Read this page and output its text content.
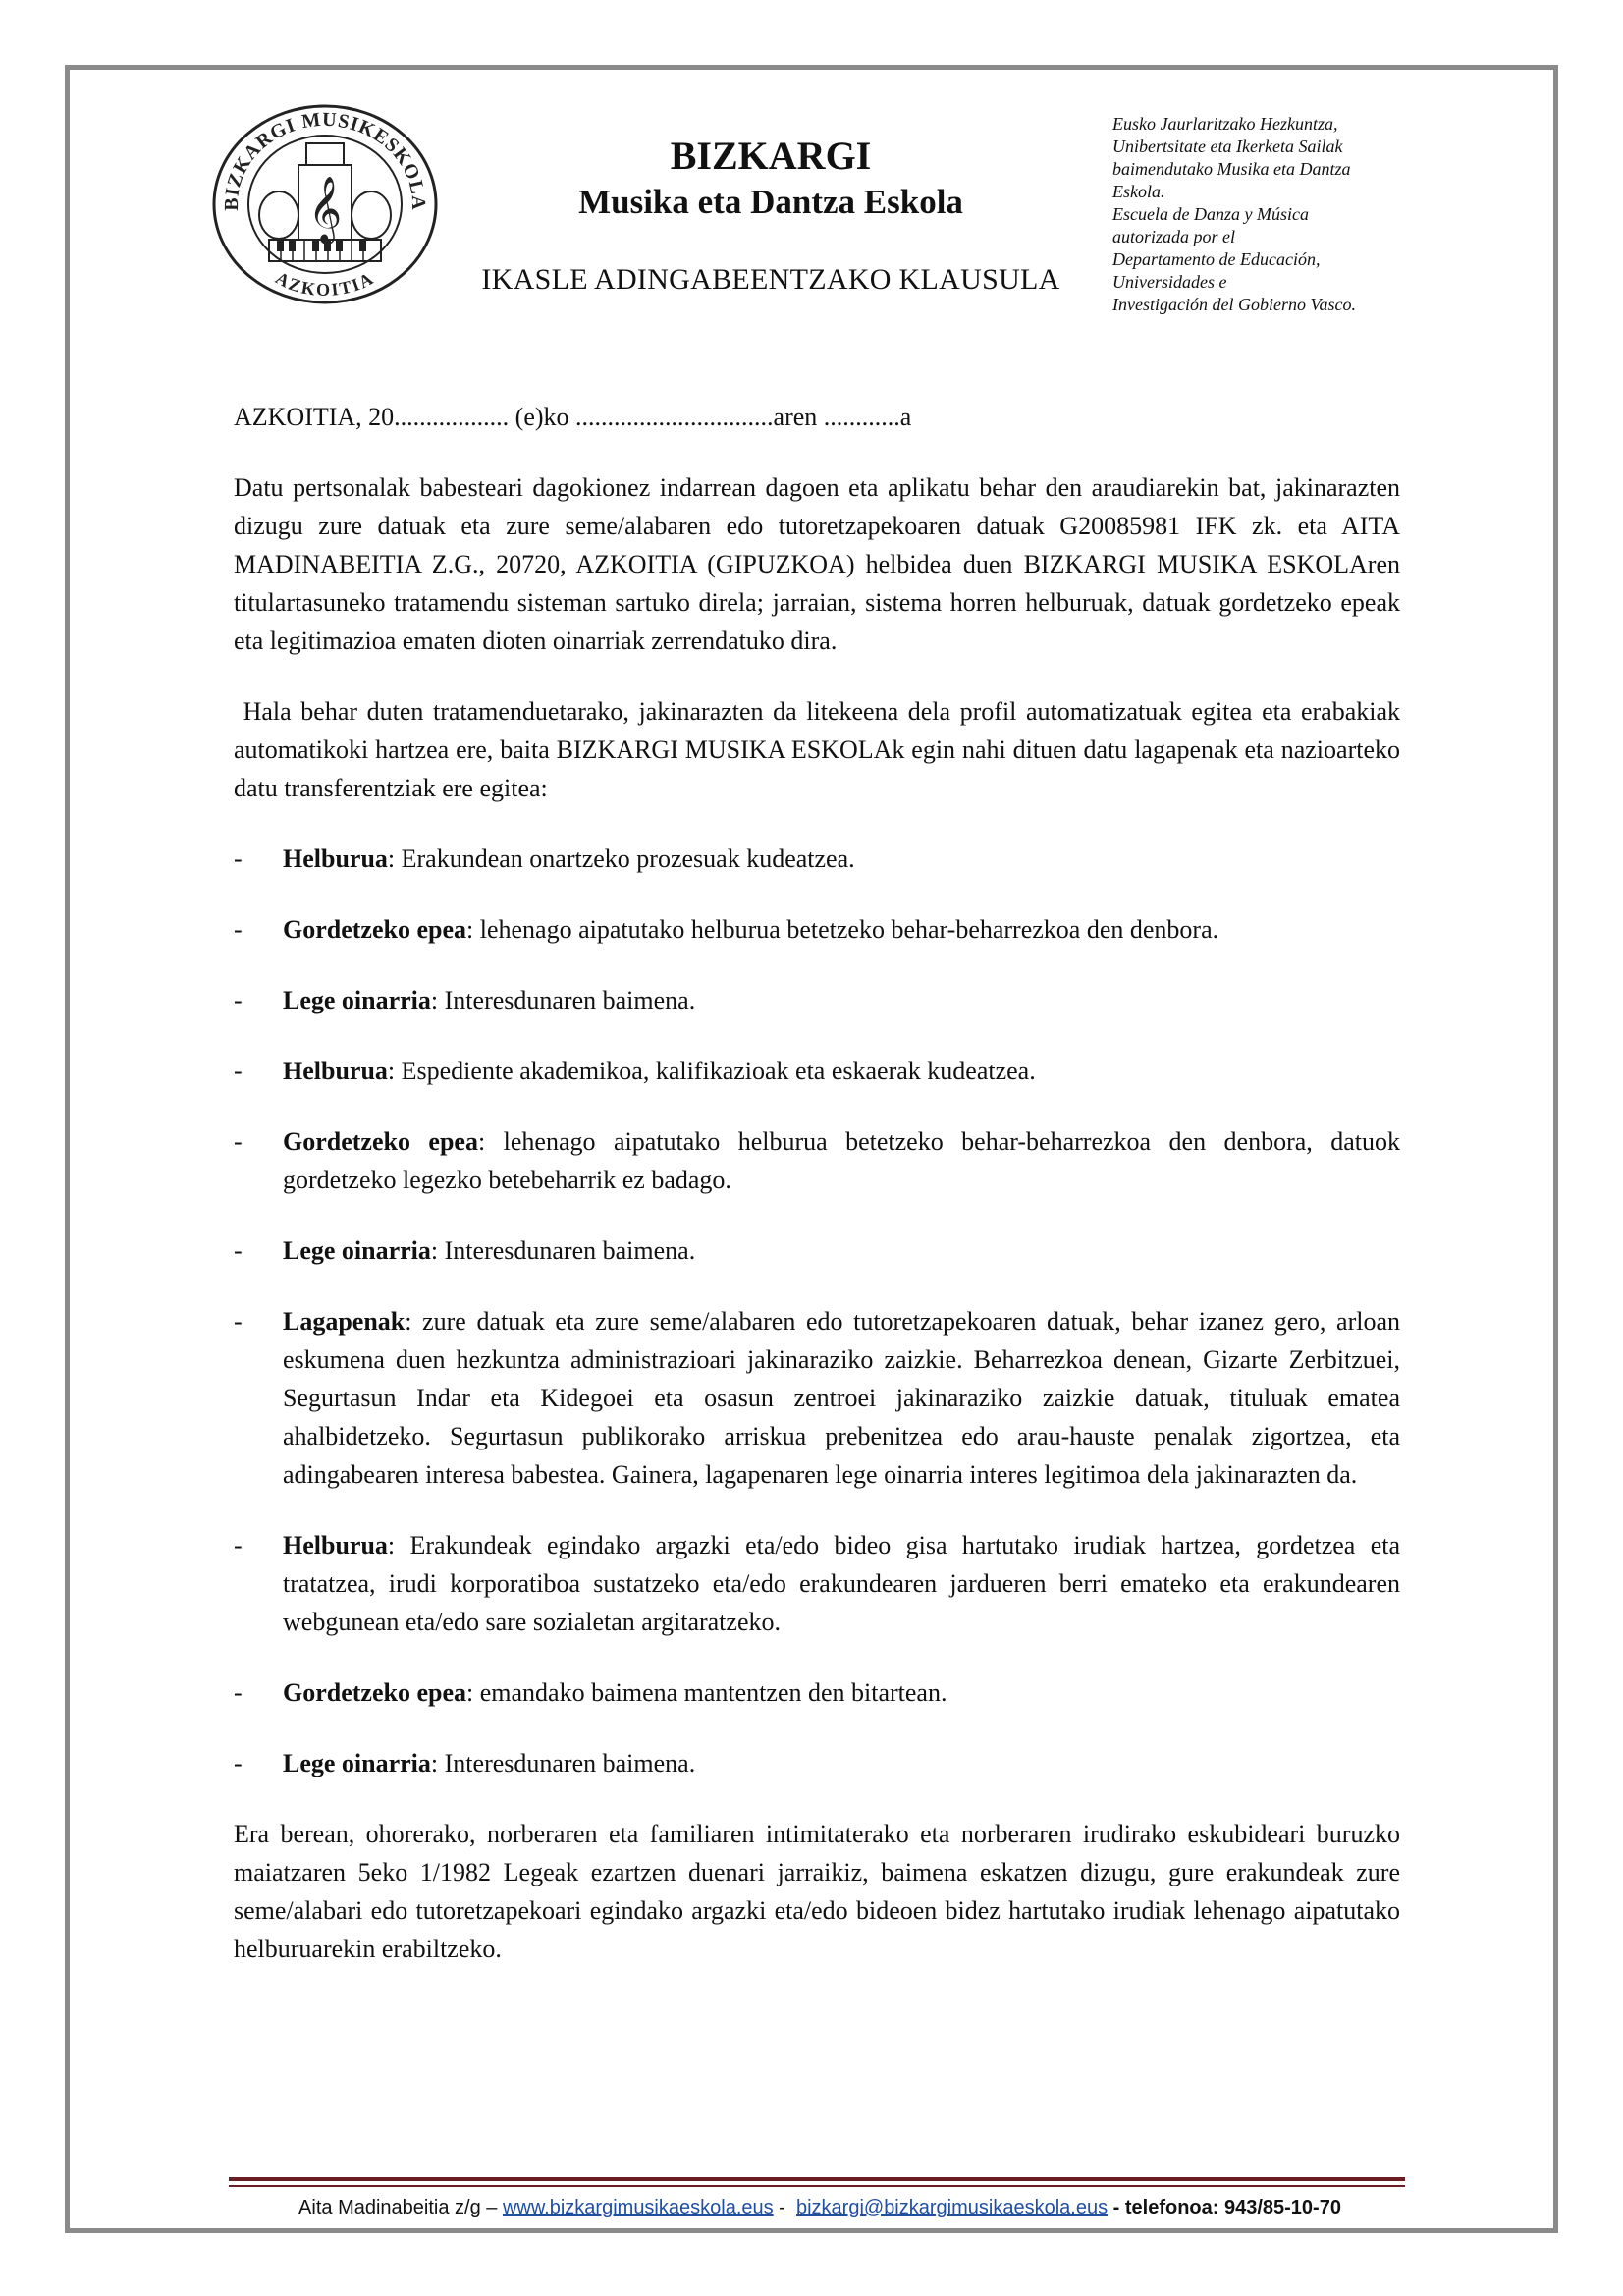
BIZKARGI MUSIKESKOLA
AZKOITIA
𝄞
BIZKARGI
Musika eta Dantza Eskola
IKASLE ADINGABEENTZAKO KLAUSULA
Eusko Jaurlaritzako Hezkuntza,
Unibertsitate eta Ikerketa Sailak
baimendutako Musika eta Dantza
Eskola.
Escuela de Danza y Música
autorizada por el
Departamento de Educación,
Universidades e
Investigación del Gobierno Vasco.
AZKOITIA, 20.................. (e)ko ...............................aren ............a
Datu pertsonalak babesteari dagokionez indarrean dagoen eta aplikatu behar den araudiarekin bat, jakinarazten dizugu zure datuak eta zure seme/alabaren edo tutoretzapekoaren datuak G20085981 IFK zk. eta AITA MADINABEITIA Z.G., 20720, AZKOITIA (GIPUZKOA) helbidea duen BIZKARGI MUSIKA ESKOLAren titulartasuneko tratamendu sisteman sartuko direla; jarraian, sistema horren helburuak, datuak gordetzeko epeak eta legitimazioa ematen dioten oinarriak zerrendatuko dira.
Hala behar duten tratamenduetarako, jakinarazten da litekeena dela profil automatizatuak egitea eta erabakiak automatikoki hartzea ere, baita BIZKARGI MUSIKA ESKOLAk egin nahi dituen datu lagapenak eta nazioarteko datu transferentziak ere egitea:
- Helburua: Erakundean onartzeko prozesuak kudeatzea.
- Gordetzeko epea: lehenago aipatutako helburua betetzeko behar-beharrezkoa den denbora.
- Lege oinarria: Interesdunaren baimena.
- Helburua: Espediente akademikoa, kalifikazioak eta eskaerak kudeatzea.
- Gordetzeko epea: lehenago aipatutako helburua betetzeko behar-beharrezkoa den denbora, datuok gordetzeko legezko betebeharrik ez badago.
- Lege oinarria: Interesdunaren baimena.
- Lagapenak: zure datuak eta zure seme/alabaren edo tutoretzapekoaren datuak, behar izanez gero, arloan eskumena duen hezkuntza administrazioari jakinaraziko zaizkie. Beharrezkoa denean, Gizarte Zerbitzuei, Segurtasun Indar eta Kidegoei eta osasun zentroei jakinaraziko zaizkie datuak, tituluak ematea ahalbidetzeko. Segurtasun publikorako arriskua prebenitzea edo arau-hauste penalak zigortzea, eta adingabearen interesa babestea. Gainera, lagapenaren lege oinarria interes legitimoa dela jakinarazten da.
- Helburua: Erakundeak egindako argazki eta/edo bideo gisa hartutako irudiak hartzea, gordetzea eta tratatzea, irudi korporatiboa sustatzeko eta/edo erakundearen jardueren berri emateko eta erakundearen webgunean eta/edo sare sozialetan argitaratzeko.
- Gordetzeko epea: emandako baimena mantentzen den bitartean.
- Lege oinarria: Interesdunaren baimena.
Era berean, ohorerako, norberaren eta familiaren intimitaterako eta norberaren irudirako eskubideari buruzko maiatzaren 5eko 1/1982 Legeak ezartzen duenari jarraikiz, baimena eskatzen dizugu, gure erakundeak zure seme/alabari edo tutoretzapekoari egindako argazki eta/edo bideoen bidez hartutako irudiak lehenago aipatutako helburuarekin erabiltzeko.
Aita Madinabeitia z/g – www.bizkargimusikaeskola.eus -  bizkargi@bizkargimusikaeskola.eus - telefonoa: 943/85-10-70
